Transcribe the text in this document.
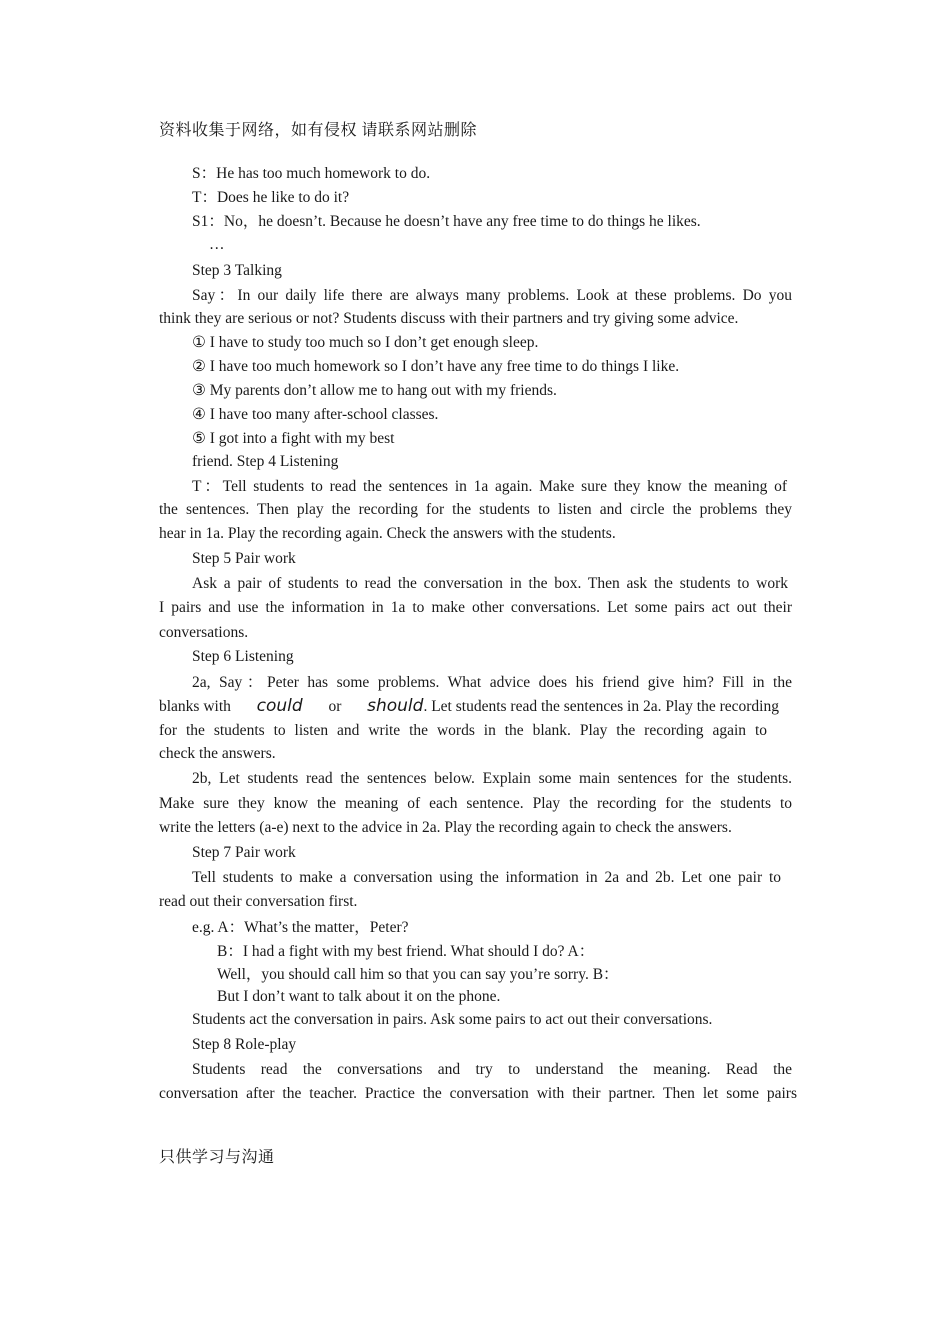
资料收集于网络，如有侵权 请联系网站删除
S：He has too much homework to do.
T：Does he like to do it?
S1：No，he doesn’t. Because he doesn’t have any free time to do things he likes.
…
Step 3 Talking
Say：In our daily life there are always many problems. Look at these problems. Do you
think they are serious or not? Students discuss with their partners and try giving some advice.
① I have to study too much so I don’t get enough sleep.
② I have too much homework so I don’t have any free time to do things I like.
③ My parents don’t allow me to hang out with my friends.
④ I have too many after-school classes.
⑤ I got into a fight with my best
friend. Step 4 Listening
T：Tell students to read the sentences in 1a again. Make sure they know the meaning of
the sentences. Then play the recording for the students to listen and circle the problems they
hear in 1a. Play the recording again. Check the answers with the students.
Step 5 Pair work
Ask a pair of students to read the conversation in the box. Then ask the students to work
I pairs and use the information in 1a to make other conversations. Let some pairs act out their
conversations.
Step 6 Listening
2a, Say：Peter has some problems. What advice does his friend give him? Fill in the
blanks with could or should . Let students read the sentences in 2a. Play the recording
for the students to listen and write the words in the blank. Play the recording again to
check the answers.
2b, Let students read the sentences below. Explain some main sentences for the students.
Make sure they know the meaning of each sentence. Play the recording for the students to
write the letters (a-e) next to the advice in 2a. Play the recording again to check the answers.
Step 7 Pair work
Tell students to make a conversation using the information in 2a and 2b. Let one pair to
read out their conversation first.
e.g. A：What’s the matter，Peter?
B：I had a fight with my best friend. What should I do? A：
Well，you should call him so that you can say you’re sorry. B：
But I don’t want to talk about it on the phone.
Students act the conversation in pairs. Ask some pairs to act out their conversations.
Step 8 Role-play
Students read the conversations and try to understand the meaning. Read the
conversation after the teacher. Practice the conversation with their partner. Then let some pairs
只供学习与沟通
